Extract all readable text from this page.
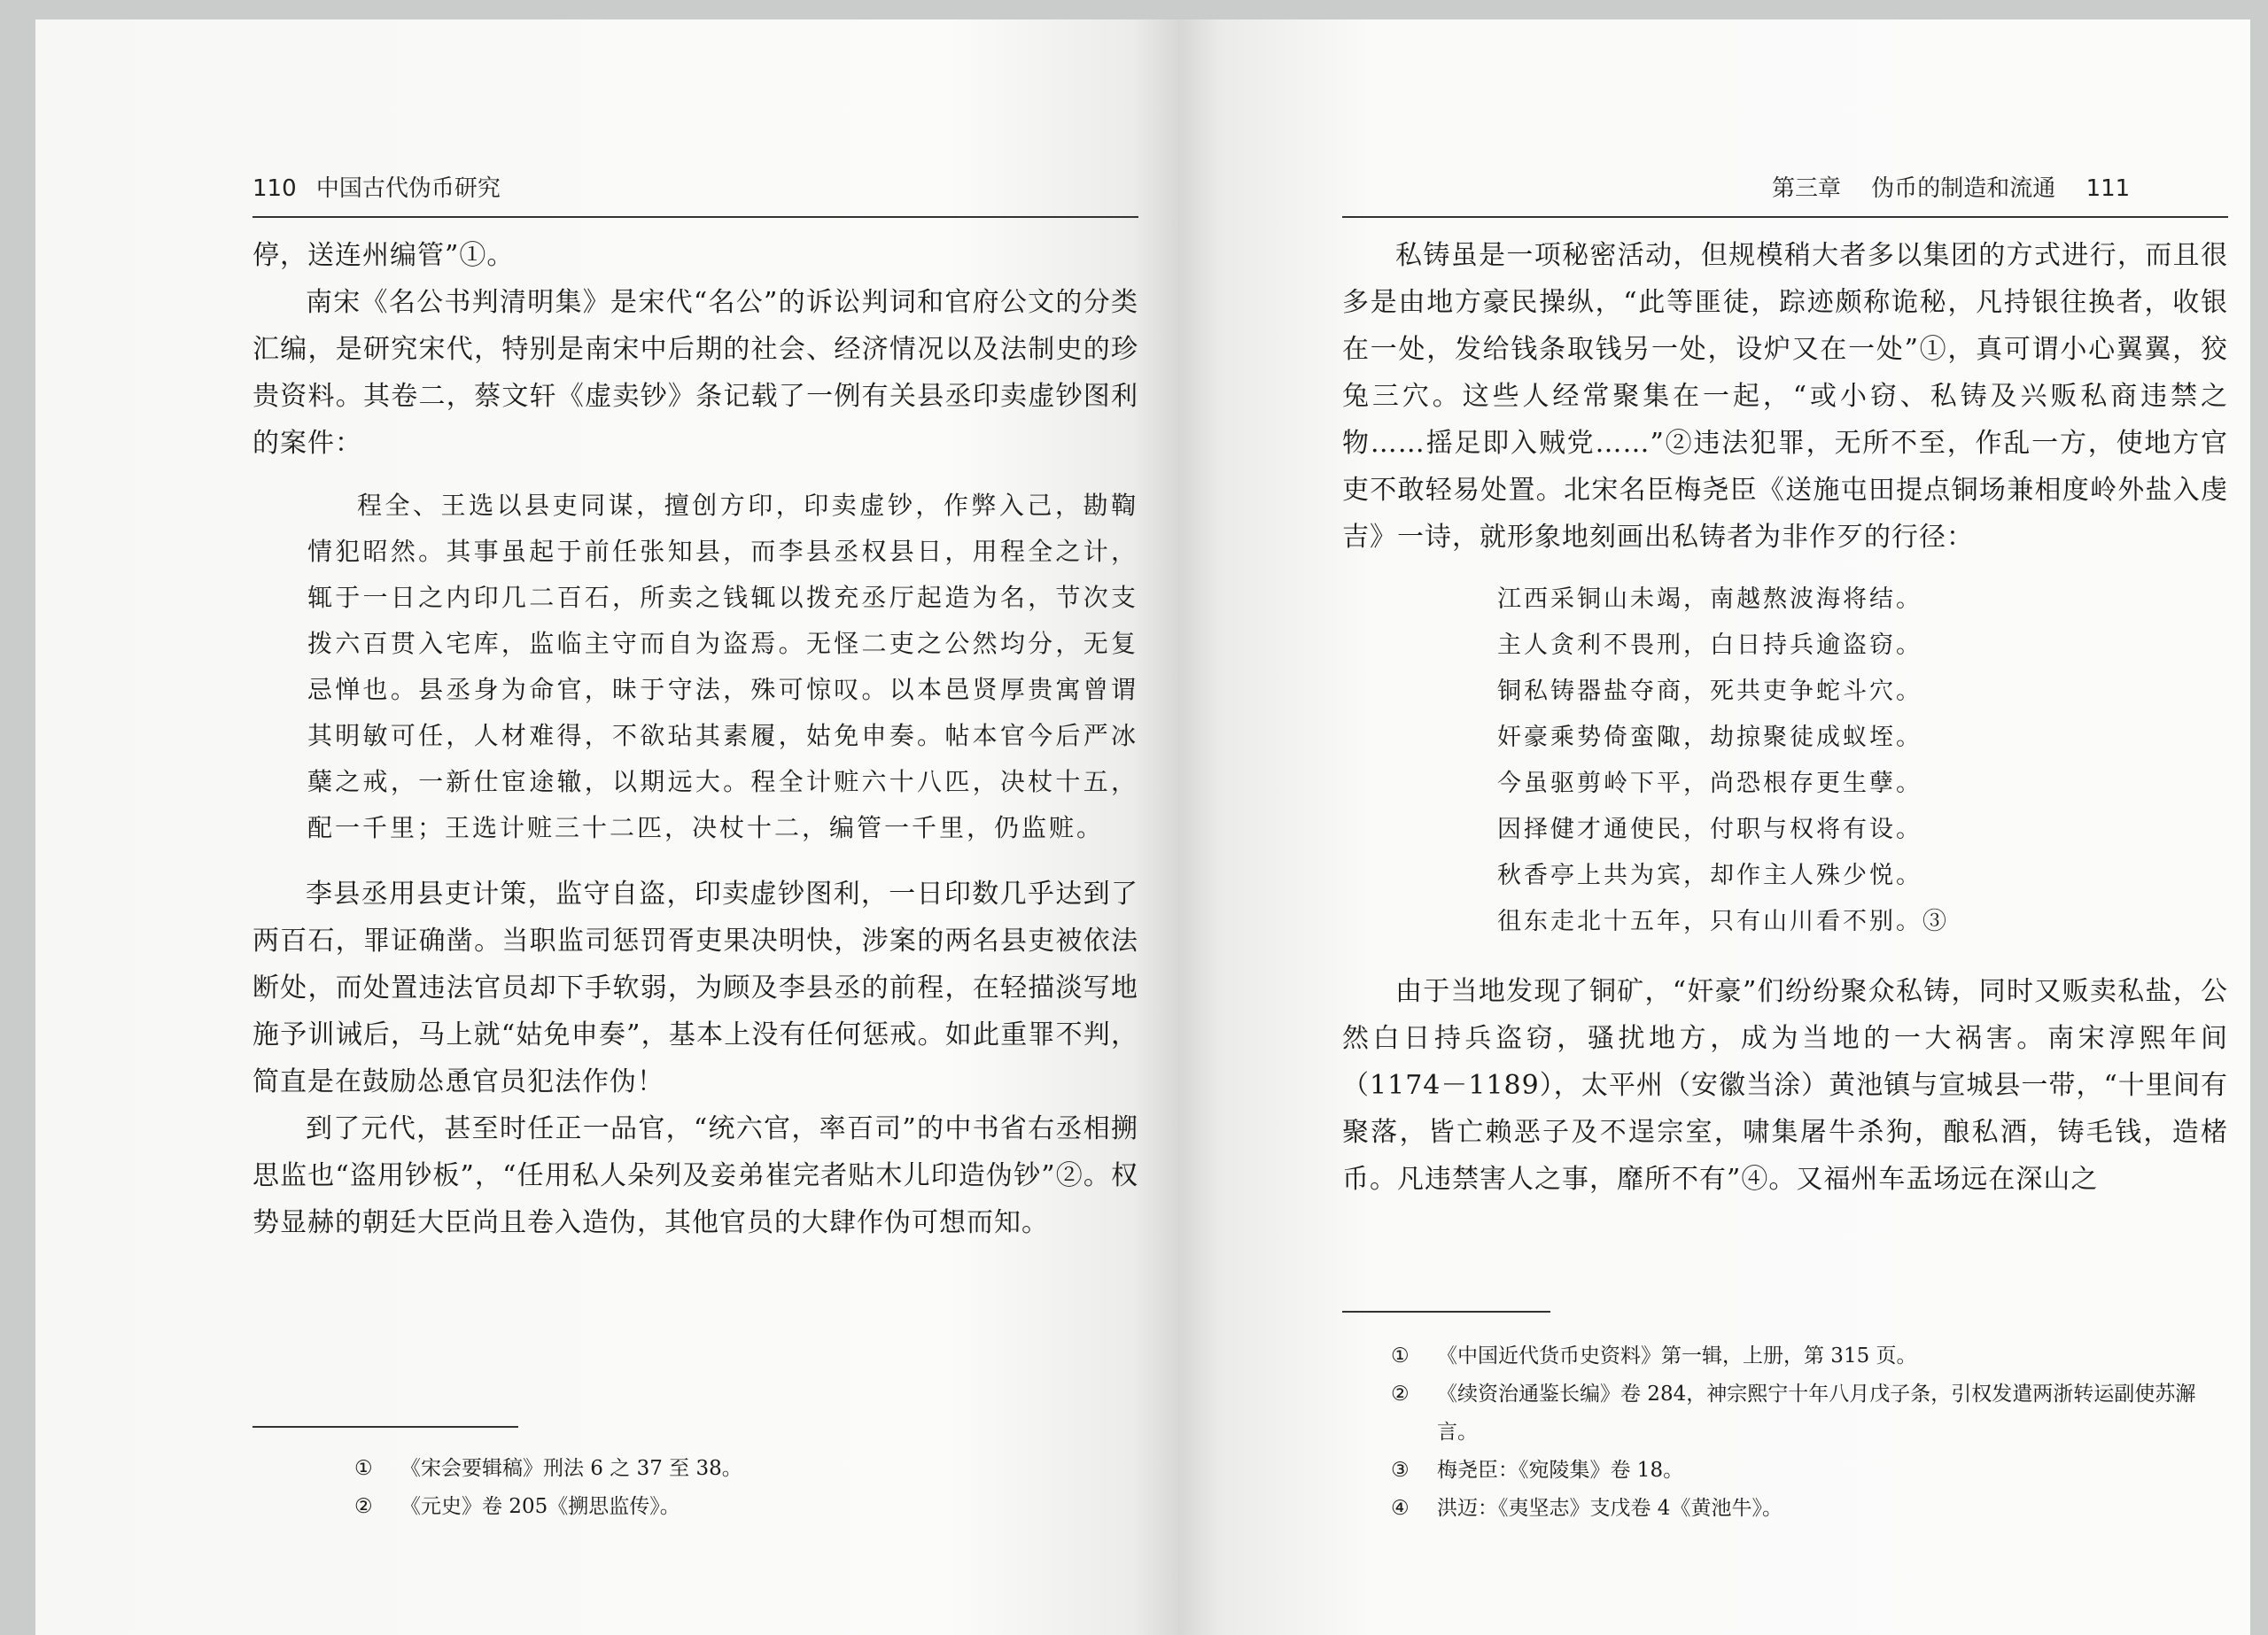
110 中国古代伪币研究

停，送连州编管”①。

南宋《名公书判清明集》是宋代“名公”的诉讼判词和官府公文的分类汇编，是研究宋代，特别是南宋中后期的社会、经济情况以及法制史的珍贵资料。其卷二，蔡文轩《虚卖钞》条记载了一例有关县丞印卖虚钞图利的案件：

程全、王选以县吏同谋，擅创方印，印卖虚钞，作弊入己，勘鞫情犯昭然。其事虽起于前任张知县，而李县丞权县日，用程全之计，辄于一日之内印几二百石，所卖之钱辄以拨充丞厅起造为名，节次支拨六百贯入宅库，监临主守而自为盗焉。无怪二吏之公然均分，无复忌惮也。县丞身为命官，昧于守法，殊可惊叹。以本邑贤厚贵寓曾谓其明敏可任，人材难得，不欲玷其素履，姑免申奏。帖本官今后严冰蘖之戒，一新仕宦途辙，以期远大。程全计赃六十八匹，决杖十五，配一千里；王选计赃三十二匹，决杖十二，编管一千里，仍监赃。

李县丞用县吏计策，监守自盗，印卖虚钞图利，一日印数几乎达到了两百石，罪证确凿。当职监司惩罚胥吏果决明快，涉案的两名县吏被依法断处，而处置违法官员却下手软弱，为顾及李县丞的前程，在轻描淡写地施予训诫后，马上就“姑免申奏”，基本上没有任何惩戒。如此重罪不判，简直是在鼓励怂恿官员犯法作伪！

到了元代，甚至时任正一品官，“统六官，率百司”的中书省右丞相搠思监也“盗用钞板”，“任用私人朵列及妾弟崔完者贴木儿印造伪钞”②。权势显赫的朝廷大臣尚且卷入造伪，其他官员的大肆作伪可想而知。

①	《宋会要辑稿》刑法 6 之 37 至 38。
②	《元史》卷 205《搠思监传》。
第三章 伪币的制造和流通 111

私铸虽是一项秘密活动，但规模稍大者多以集团的方式进行，而且很多是由地方豪民操纵，“此等匪徒，踪迹颇称诡秘，凡持银往换者，收银在一处，发给钱条取钱另一处，设炉又在一处”①，真可谓小心翼翼，狡兔三穴。这些人经常聚集在一起，“或小窃、私铸及兴贩私商违禁之物……摇足即入贼党……”②违法犯罪，无所不至，作乱一方，使地方官吏不敢轻易处置。北宋名臣梅尧臣《送施屯田提点铜场兼相度岭外盐入虔吉》一诗，就形象地刻画出私铸者为非作歹的行径：

江西采铜山未竭，南越熬波海将结。
主人贪利不畏刑，白日持兵逾盗窃。
铜私铸器盐夺商，死共吏争蛇斗穴。
奸豪乘势倚蛮陬，劫掠聚徒成蚁垤。
今虽驱剪岭下平，尚恐根存更生孽。
因择健才通使民，付职与权将有设。
秋香亭上共为宾，却作主人殊少悦。
徂东走北十五年，只有山川看不别。③

由于当地发现了铜矿，“奸豪”们纷纷聚众私铸，同时又贩卖私盐，公然白日持兵盗窃，骚扰地方，成为当地的一大祸害。南宋淳熙年间（1174－1189），太平州（安徽当涂）黄池镇与宣城县一带，“十里间有聚落，皆亡赖恶子及不逞宗室，啸集屠牛杀狗，酿私酒，铸毛钱，造楮币。凡违禁害人之事，靡所不有”④。又福州车盂场远在深山之

①	《中国近代货币史资料》第一辑，上册，第 315 页。
②	《续资治通鉴长编》卷 284，神宗熙宁十年八月戊子条，引权发遣两浙转运副使苏澥言。
③	梅尧臣：《宛陵集》卷 18。
④	洪迈：《夷坚志》支戊卷 4《黄池牛》。
